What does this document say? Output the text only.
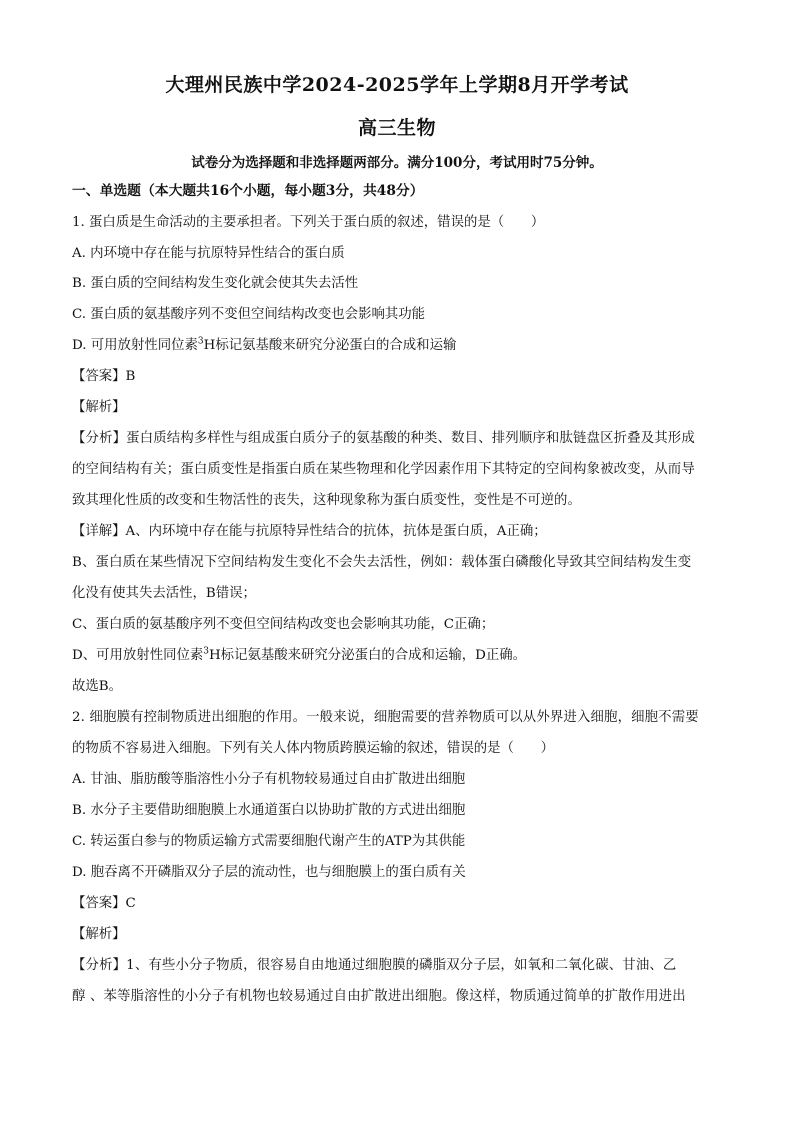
大理州民族中学2024-2025学年上学期8月开学考试
高三生物
试卷分为选择题和非选择题两部分。满分100分，考试用时75分钟。
一、单选题（本大题共16个小题，每小题3分，共48分）
1. 蛋白质是生命活动的主要承担者。下列关于蛋白质的叙述，错误的是（　　）
A. 内环境中存在能与抗原特异性结合的蛋白质
B. 蛋白质的空间结构发生变化就会使其失去活性
C. 蛋白质的氨基酸序列不变但空间结构改变也会影响其功能
D. 可用放射性同位素$^3$H标记氨基酸来研究分泌蛋白的合成和运输
【答案】B
【解析】
【分析】蛋白质结构多样性与组成蛋白质分子的氨基酸的种类、数目、排列顺序和肽链盘区折叠及其形成
的空间结构有关；蛋白质变性是指蛋白质在某些物理和化学因素作用下其特定的空间构象被改变，从而导
致其理化性质的改变和生物活性的丧失，这种现象称为蛋白质变性，变性是不可逆的。
【详解】A、内环境中存在能与抗原特异性结合的抗体，抗体是蛋白质，A正确；
B、蛋白质在某些情况下空间结构发生变化不会失去活性，例如：载体蛋白磷酸化导致其空间结构发生变
化没有使其失去活性，B错误；
C、蛋白质的氨基酸序列不变但空间结构改变也会影响其功能，C正确；
D、可用放射性同位素$^3$H标记氨基酸来研究分泌蛋白的合成和运输，D正确。
故选B。
2. 细胞膜有控制物质进出细胞的作用。一般来说，细胞需要的营养物质可以从外界进入细胞，细胞不需要
的物质不容易进入细胞。下列有关人体内物质跨膜运输的叙述，错误的是（　　）
A. 甘油、脂肪酸等脂溶性小分子有机物较易通过自由扩散进出细胞
B. 水分子主要借助细胞膜上水通道蛋白以协助扩散的方式进出细胞
C. 转运蛋白参与的物质运输方式需要细胞代谢产生的ATP为其供能
D. 胞吞离不开磷脂双分子层的流动性，也与细胞膜上的蛋白质有关
【答案】C
【解析】
【分析】1、有些小分子物质，很容易自由地通过细胞膜的磷脂双分子层，如氧和二氧化碳、甘油、乙
醇 、苯等脂溶性的小分子有机物也较易通过自由扩散进出细胞。像这样，物质通过简单的扩散作用进出
